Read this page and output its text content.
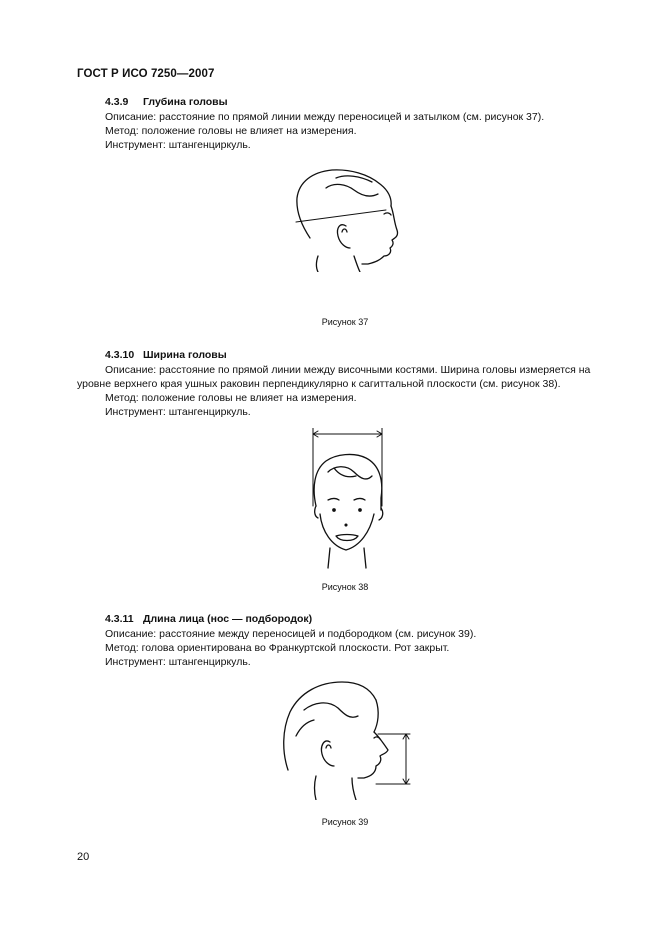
ГОСТ Р ИСО 7250—2007
4.3.9 Глубина головы
Описание: расстояние по прямой линии между переносицей и затылком (см. рисунок 37).
Метод: положение головы не влияет на измерения.
Инструмент: штангенциркуль.
Рисунок 37
4.3.10 Ширина головы
Описание: расстояние по прямой линии между височными костями. Ширина головы измеряется на уровне верхнего края ушных раковин перпендикулярно к сагиттальной плоскости (см. рисунок 38).
Метод: положение головы не влияет на измерения.
Инструмент: штангенциркуль.
Рисунок 38
4.3.11 Длина лица (нос — подбородок)
Описание: расстояние между переносицей и подбородком (см. рисунок 39).
Метод: голова ориентирована во Франкуртской плоскости. Рот закрыт.
Инструмент: штангенциркуль.
Рисунок 39
20
